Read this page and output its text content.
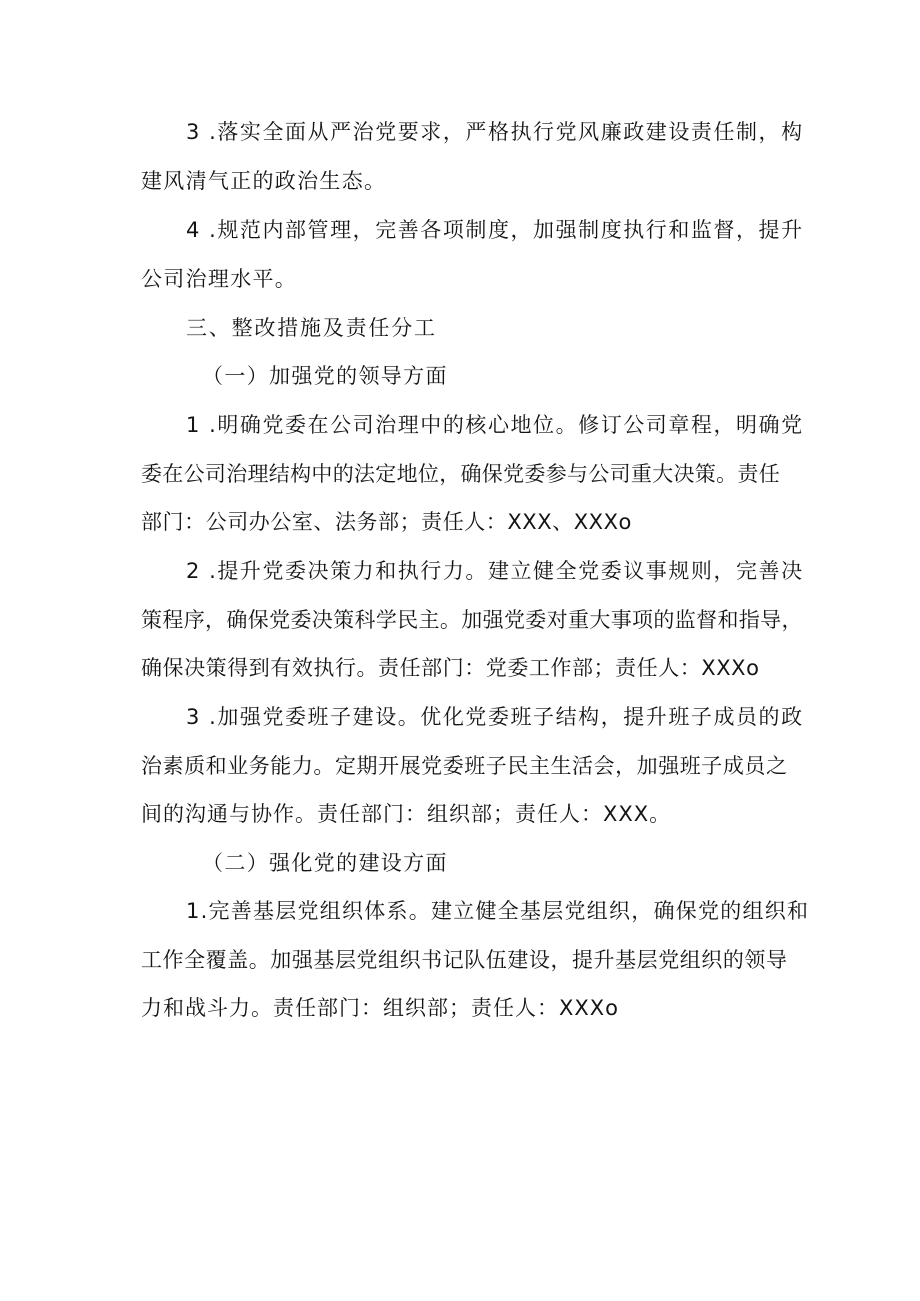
3 .落实全面从严治党要求，严格执行党风廉政建设责任制，构
建风清气正的政治生态。
4 .规范内部管理，完善各项制度，加强制度执行和监督，提升
公司治理水平。
三、整改措施及责任分工
（一）加强党的领导方面
1 .明确党委在公司治理中的核心地位。修订公司章程，明确党
委在公司治理结构中的法定地位，确保党委参与公司重大决策。责任
部门：公司办公室、法务部；责任人：XXX、XXXo
2 .提升党委决策力和执行力。建立健全党委议事规则，完善决
策程序，确保党委决策科学民主。加强党委对重大事项的监督和指导，
确保决策得到有效执行。责任部门：党委工作部；责任人：XXXo
3 .加强党委班子建设。优化党委班子结构，提升班子成员的政
治素质和业务能力。定期开展党委班子民主生活会，加强班子成员之
间的沟通与协作。责任部门：组织部；责任人：XXX。
（二）强化党的建设方面
1.完善基层党组织体系。建立健全基层党组织，确保党的组织和
工作全覆盖。加强基层党组织书记队伍建设，提升基层党组织的领导
力和战斗力。责任部门：组织部；责任人：XXXo
